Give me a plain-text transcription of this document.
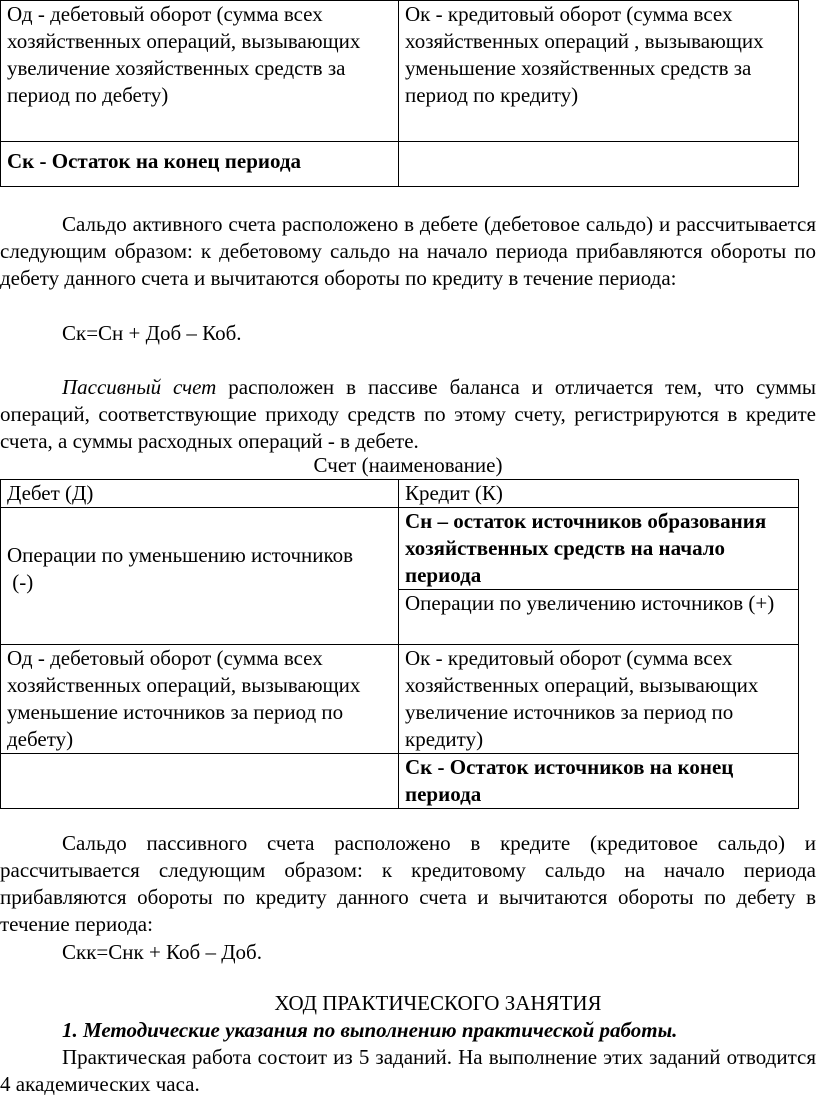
Од - дебетовый оборот (сумма всех хозяйственных операций, вызывающих увеличение хозяйственных средств за период по дебету)	Ок - кредитовый оборот (сумма всех хозяйственных операций , вызывающих уменьшение хозяйственных средств за период по кредиту)
Ск - Остаток на конец периода	
Сальдо активного счета расположено в дебете (дебетовое сальдо) и рассчитывается следующим образом: к дебетовому сальдо на начало периода прибавляются обороты по дебету данного счета и вычитаются обороты по кредиту в течение периода:
Ск=Сн + Доб – Коб.
Пассивный счет расположен в пассиве баланса и отличается тем, что суммы операций, соответствующие приходу средств по этому счету, регистрируются в кредите счета, а суммы расходных операций - в дебете.
Счет (наименование)
Дебет (Д)	Кредит (К)

Операции по уменьшению источников
(-)	Сн – остаток источников образования хозяйственных средств на начало периода
	Операции по увеличению источников (+)
Од - дебетовый оборот (сумма всех хозяйственных операций, вызывающих уменьшение источников за период по дебету)	Ок - кредитовый оборот (сумма всех хозяйственных операций, вызывающих увеличение источников за период по кредиту)
	Ск - Остаток источников на конец периода
Сальдо пассивного счета расположено в кредите (кредитовое сальдо) и рассчитывается следующим образом: к кредитовому сальдо на начало периода прибавляются обороты по кредиту данного счета и вычитаются обороты по дебету в течение периода:
Скк=Снк + Коб – Доб.
ХОД ПРАКТИЧЕСКОГО ЗАНЯТИЯ
1. Методические указания по выполнению практической работы.
Практическая работа состоит из 5 заданий. На выполнение этих заданий отводится 4 академических часа.
